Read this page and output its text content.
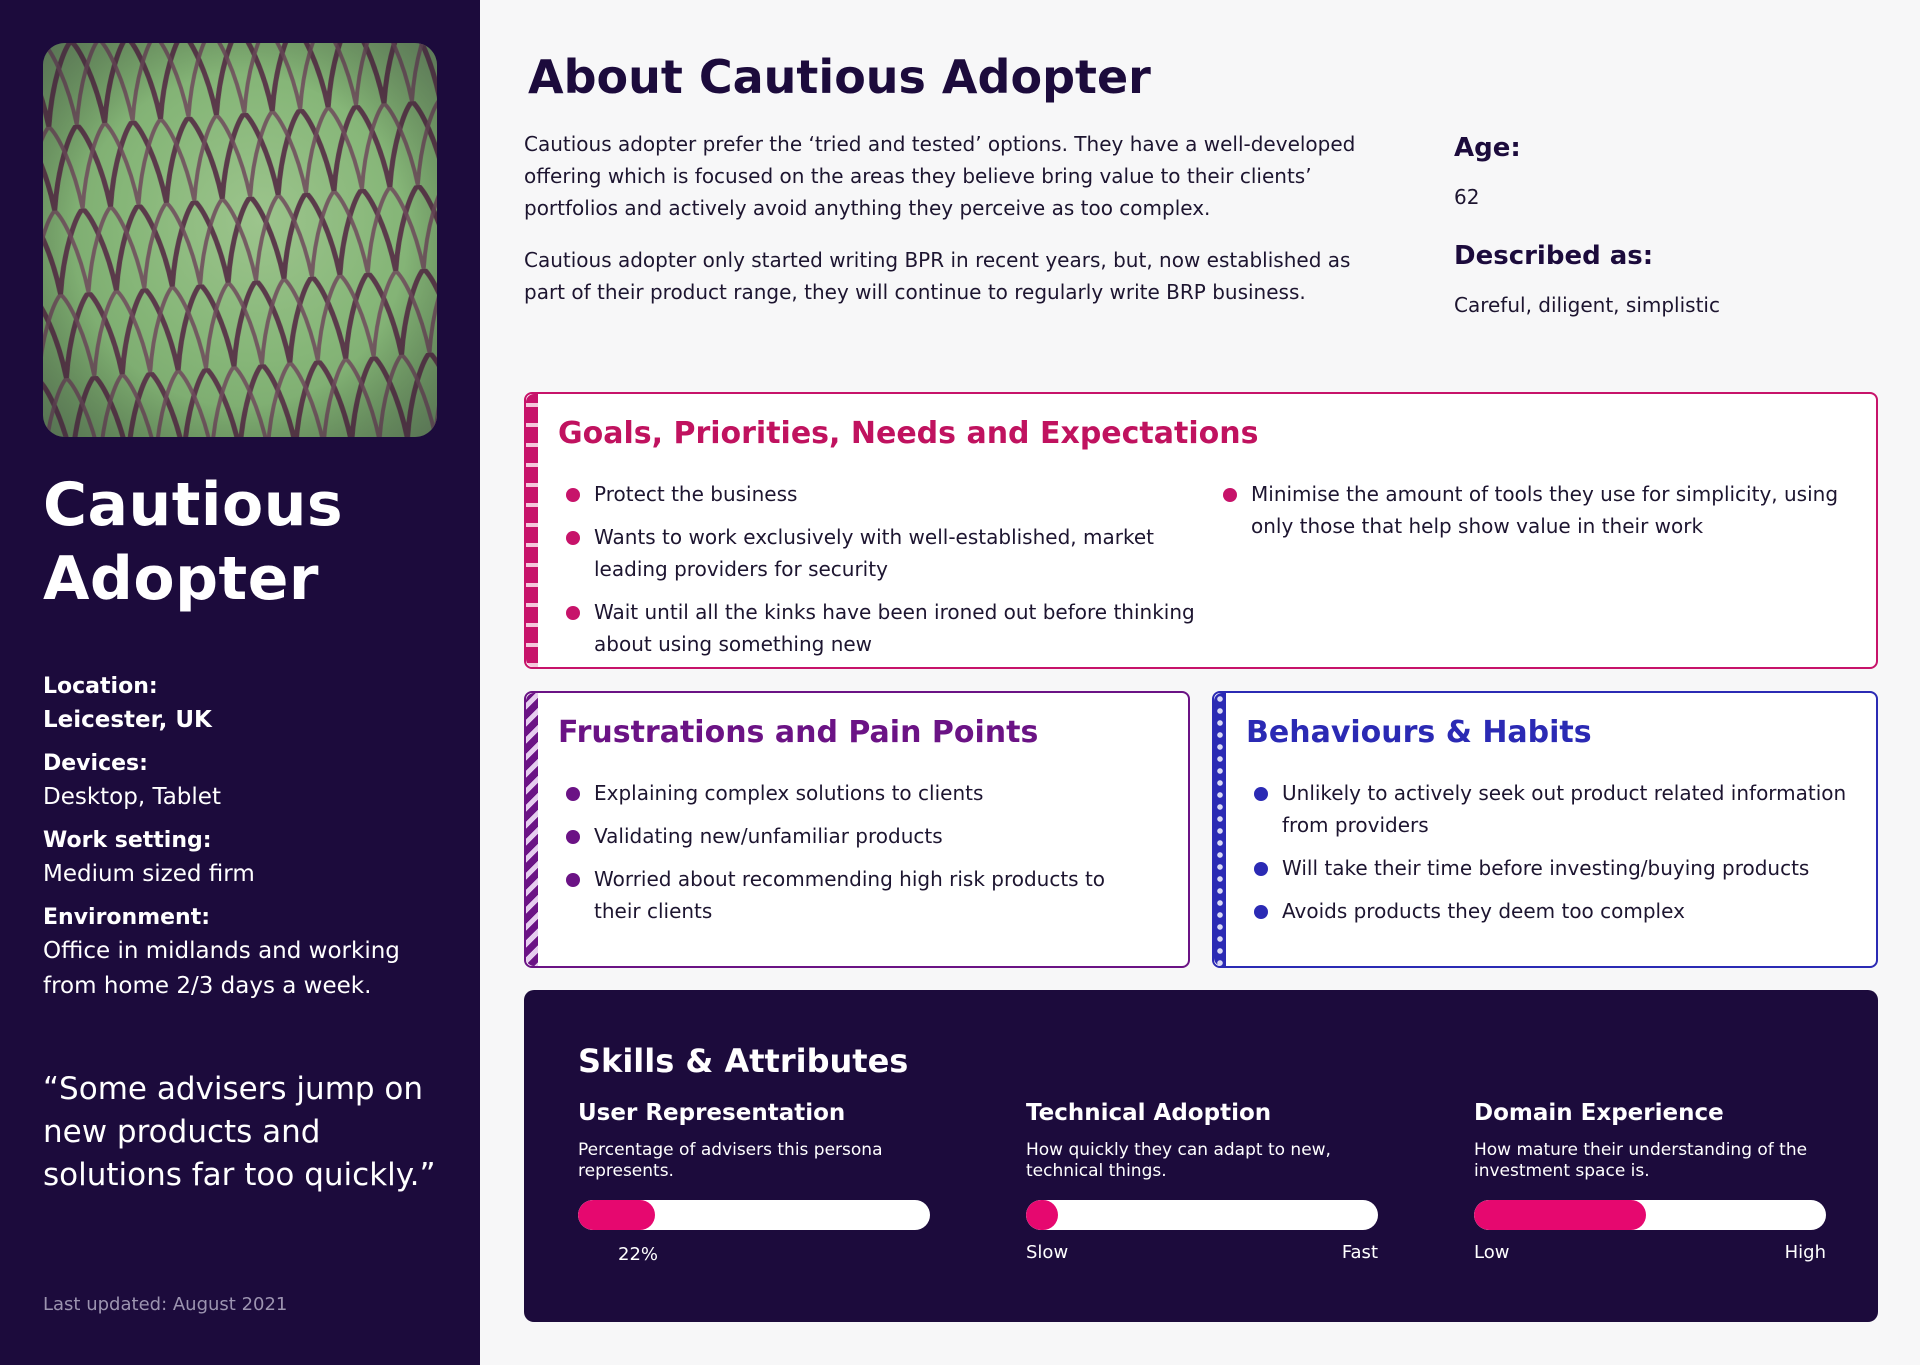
Cautious
Adopter
Location:
Leicester, UK
Devices:
Desktop, Tablet
Work setting:
Medium sized firm
Environment:
Office in midlands and working from home 2/3 days a week.
“Some advisers jump on new products and solutions far too quickly.”
Last updated: August 2021
About Cautious Adopter

Cautious adopter prefer the ‘tried and tested’ options. They have a well-developed offering which is focused on the areas they believe bring value to their clients’ portfolios and actively avoid anything they perceive as too complex.

Cautious adopter only started writing BPR in recent years, but, now established as part of their product range, they will continue to regularly write BRP business.

Age:
62
Described as:
Careful, diligent, simplistic
Goals, Priorities, Needs and Expectations
Protect the business
Wants to work exclusively with well-established, market leading providers for security
Wait until all the kinks have been ironed out before thinking about using something new
Minimise the amount of tools they use for simplicity, using only those that help show value in their work
Frustrations and Pain Points
Explaining complex solutions to clients
Validating new/unfamiliar products
Worried about recommending high risk products to their clients
Behaviours & Habits
Unlikely to actively seek out product related information from providers
Will take their time before investing/buying products
Avoids products they deem too complex
Skills & Attributes
User Representation
Percentage of advisers this persona represents.
22%
Technical Adoption
How quickly they can adapt to new, technical things.
Slow	Fast
Domain Experience
How mature their understanding of the investment space is.
Low	High
